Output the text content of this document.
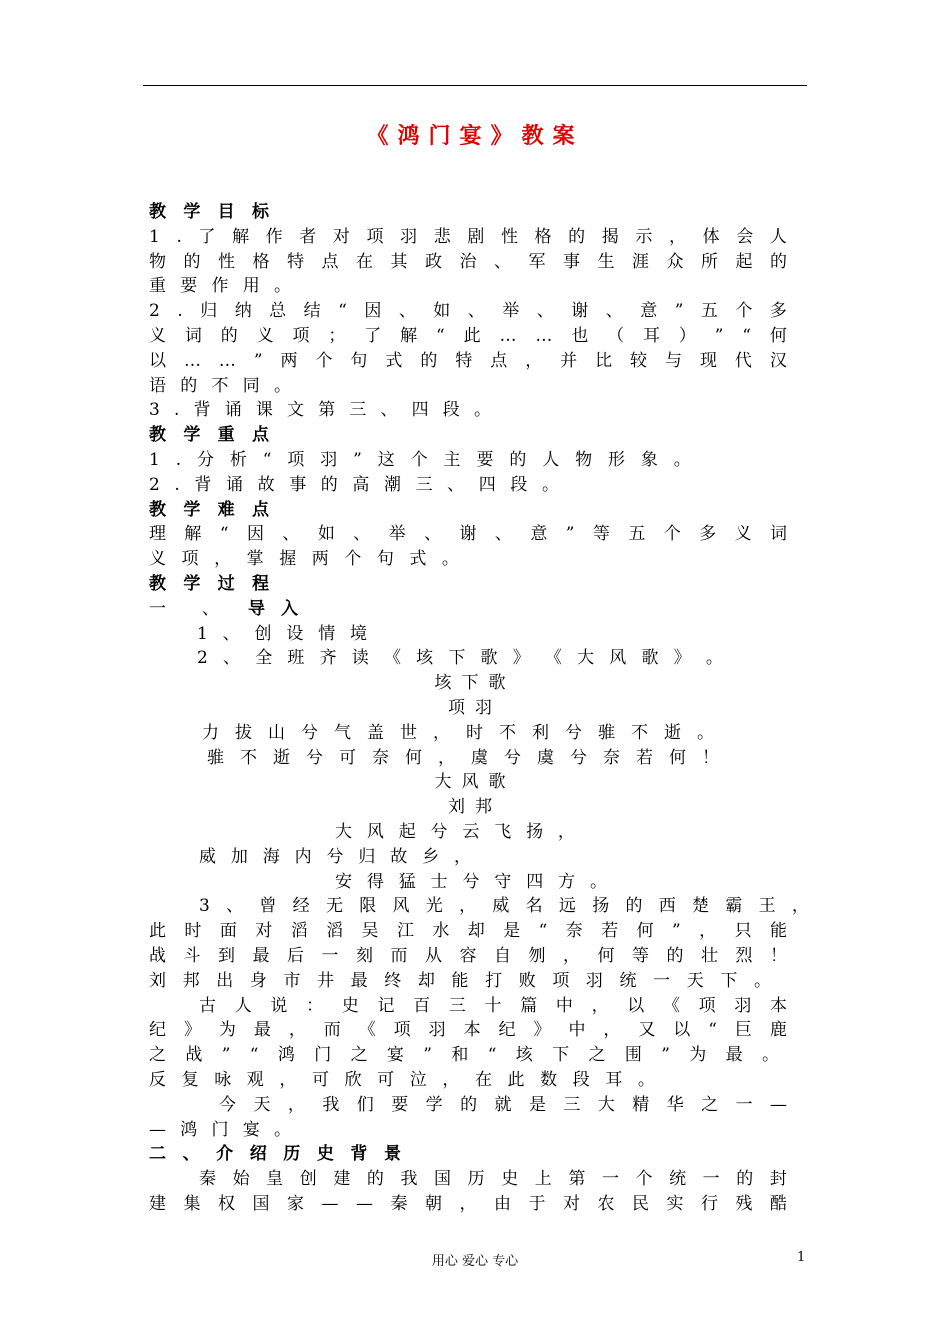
《鸿门宴》教案
教 学 目 标
1 . 了 解 作 者 对 项 羽 悲 剧 性 格 的 揭 示 ， 体 会 人
物 的 性 格 特 点 在 其 政 治 、 军 事 生 涯 众 所 起 的
重 要 作 用 。
2 . 归 纳 总 结 “ 因 、 如 、 举 、 谢 、 意 ” 五 个 多
义 词 的 义 项 ； 了 解 “ 此 … … 也 （ 耳 ） ” “ 何
以 … … ” 两 个 句 式 的 特 点 ， 并 比 较 与 现 代 汉
语 的 不 同 。
3 . 背 诵 课 文 第 三 、 四 段 。
教 学 重 点
1 . 分 析 “ 项 羽 ” 这 个 主 要 的 人 物 形 象 。
2 . 背 诵 故 事 的 高 潮 三 、 四 段 。
教 学 难 点
理 解 “ 因 、 如 、 举 、 谢 、 意 ” 等 五 个 多 义 词
义 项 ， 掌 握 两 个 句 式 。
教 学 过 程
一 、
1 、 创 设 情 境
2 、 全 班 齐 读 《 垓 下 歌 》 《 大 风 歌 》 。
垓下歌
项羽
力 拔 山 兮 气 盖 世 ， 时 不 利 兮 骓 不 逝 。
骓 不 逝 兮 可 奈 何 ， 虞 兮 虞 兮 奈 若 何 ！
大风歌
刘邦
大 风 起 兮 云 飞 扬 ，
威 加 海 内 兮 归 故 乡 ，
安 得 猛 士 兮 守 四 方 。
3 、 曾 经 无 限 风 光 ， 威 名 远 扬 的 西 楚 霸 王 ，
此 时 面 对 滔 滔 吴 江 水 却 是 “ 奈 若 何 ” ， 只 能
战 斗 到 最 后 一 刻 而 从 容 自 刎 ， 何 等 的 壮 烈 ！
刘 邦 出 身 市 井 最 终 却 能 打 败 项 羽 统 一 天 下 。
古 人 说 ： 史 记 百 三 十 篇 中 ， 以 《 项 羽 本
纪 》 为 最 ， 而 《 项 羽 本 纪 》 中 ， 又 以 “ 巨 鹿
之 战 ” “ 鸿 门 之 宴 ” 和 “ 垓 下 之 围 ” 为 最 。
反 复 咏 观 ， 可 欣 可 泣 ， 在 此 数 段 耳 。
今 天 ， 我 们 要 学 的 就 是 三 大 精 华 之 一 —
— 鸿 门 宴 。
二 、 介 绍 历 史 背 景
秦 始 皇 创 建 的 我 国 历 史 上 第 一 个 统 一 的 封
建 集 权 国 家 — — 秦 朝 ， 由 于 对 农 民 实 行 残 酷
导入
用心 爱心 专心	1
